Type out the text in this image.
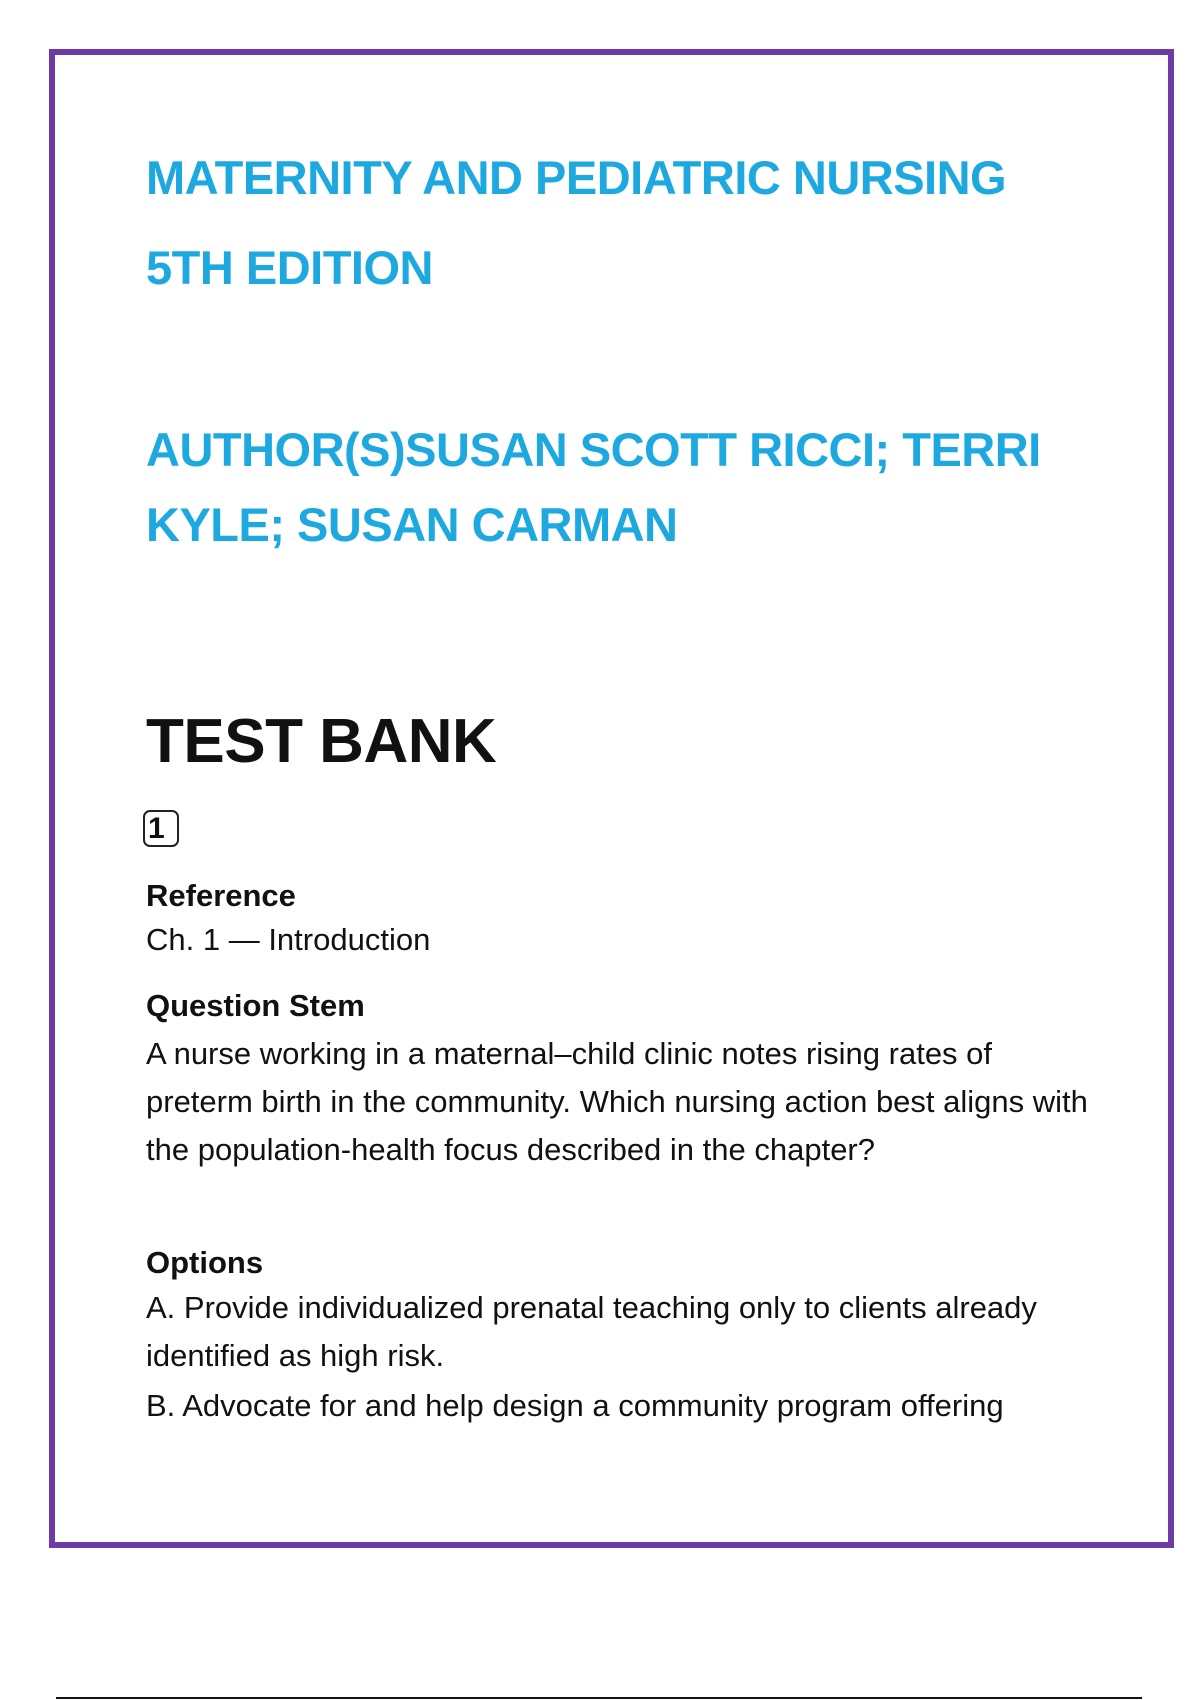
MATERNITY AND PEDIATRIC NURSING
5TH EDITION
AUTHOR(S)SUSAN SCOTT RICCI; TERRI
KYLE; SUSAN CARMAN
TEST BANK
1

Reference

Ch. 1 — Introduction

Question Stem

A nurse working in a maternal–child clinic notes rising rates of preterm birth in the community. Which nursing action best aligns with the population-health focus described in the chapter?

Options

A. Provide individualized prenatal teaching only to clients already identified as high risk.

B. Advocate for and help design a community program offering
